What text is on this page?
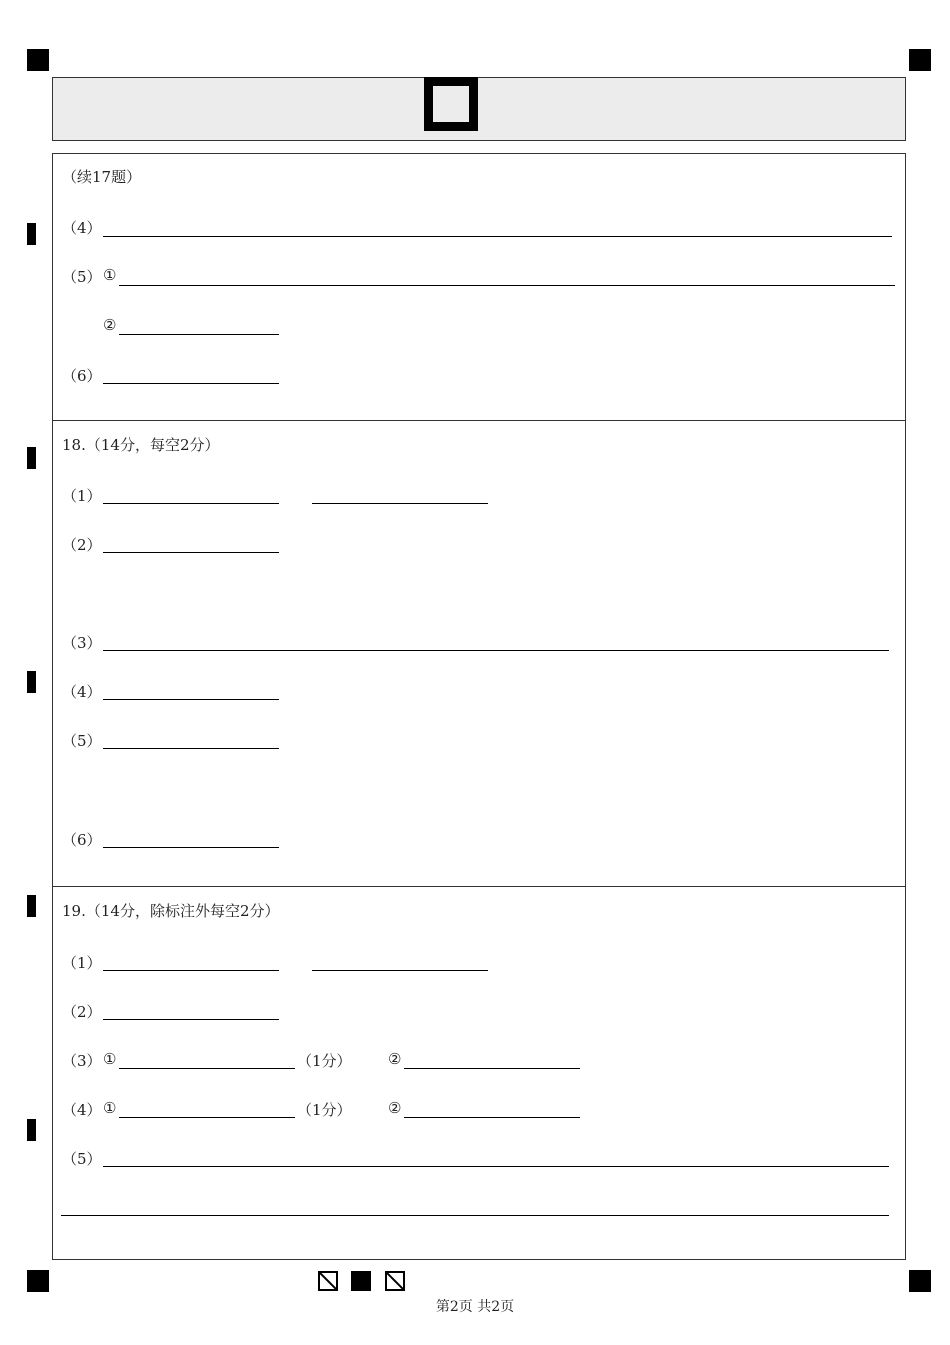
（续17题）
（4）
（5） ①
②
（6）
18.（14分，每空2分）
（1）
（2）
（3）
（4）
（5）
（6）
19.（14分，除标注外每空2分）
（1）
（2）
（3） ①	（1分） ②
（4） ①	（1分） ②
（5）
第2页 共2页
